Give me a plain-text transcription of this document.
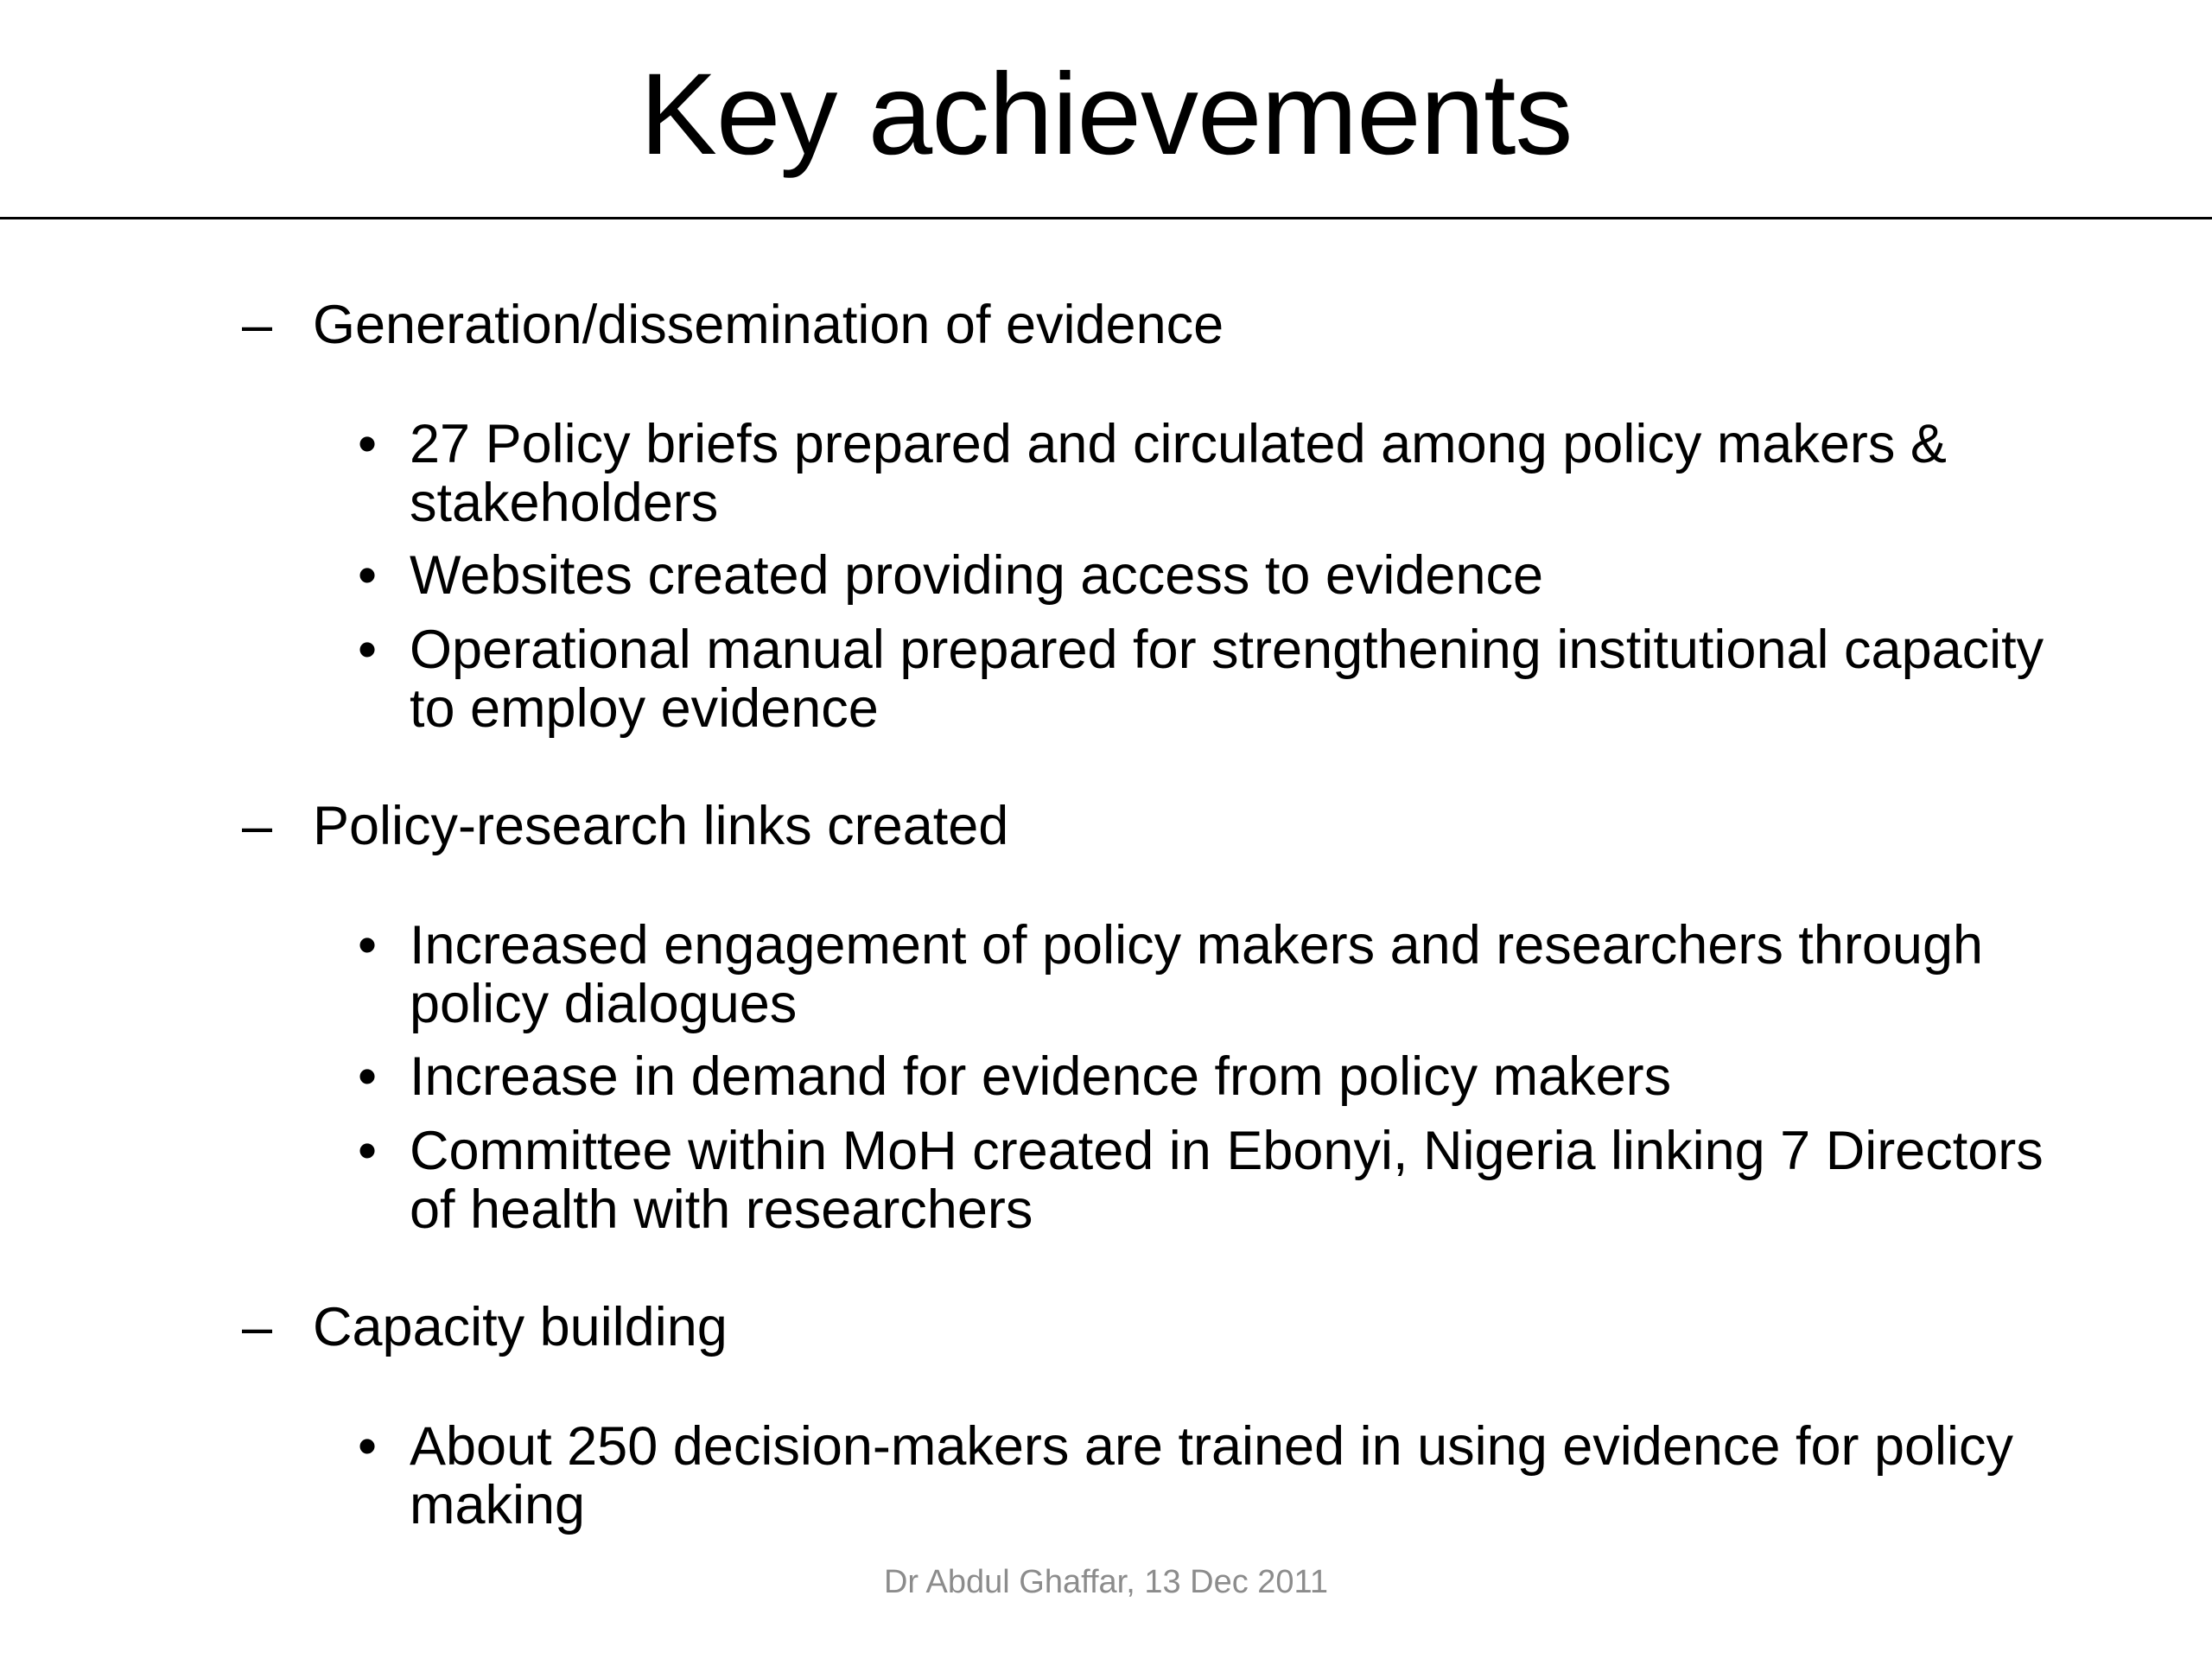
Key achievements
– Generation/dissemination of evidence
• 27 Policy briefs prepared and circulated among policy makers & stakeholders
• Websites created providing access to evidence
• Operational manual prepared for strengthening institutional capacity to employ evidence
– Policy-research links created
• Increased engagement of policy makers and researchers through policy dialogues
• Increase in demand for evidence from policy makers
• Committee within MoH created in Ebonyi, Nigeria linking 7 Directors of health with researchers
– Capacity building
• About 250 decision-makers are trained in using evidence for policy making
Dr Abdul Ghaffar, 13 Dec 2011
